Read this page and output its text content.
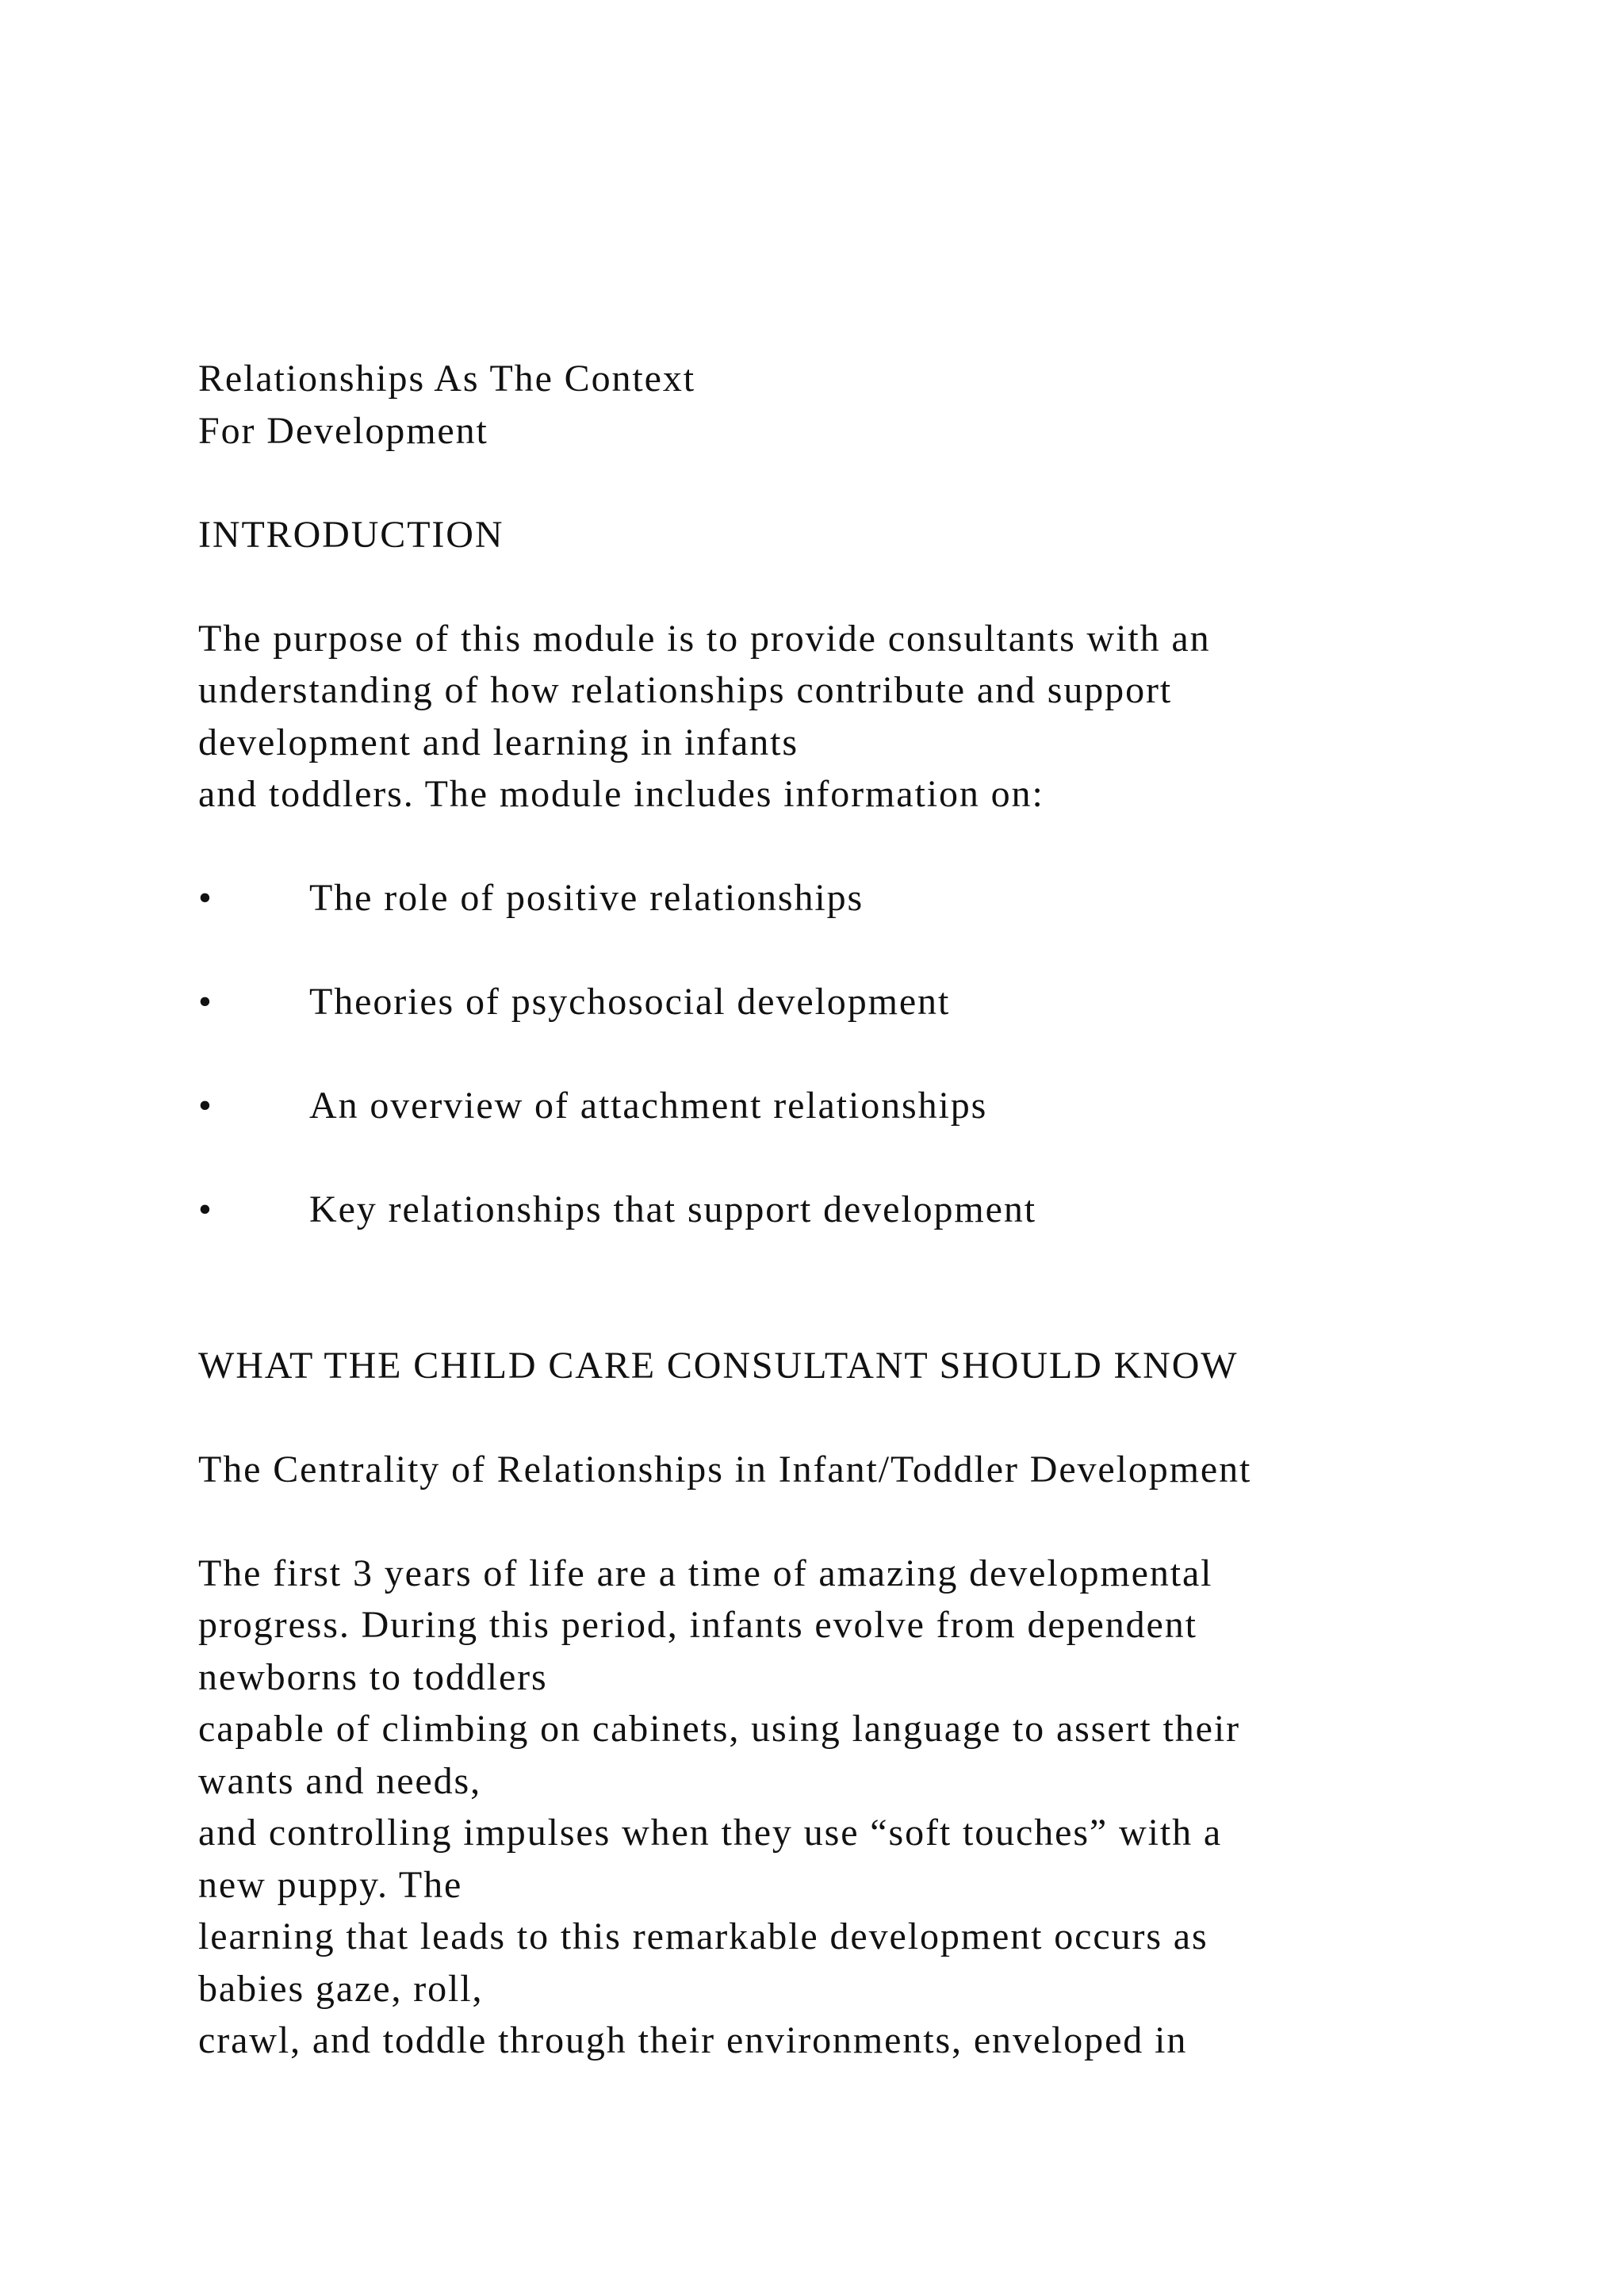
Relationships As The Context
For Development
INTRODUCTION
The purpose of this module is to provide consultants with an
understanding of how relationships contribute and support
development and learning in infants
and toddlers. The module includes information on:
•	The role of positive relationships
•	Theories of psychosocial development
•	An overview of attachment relationships
•	Key relationships that support development
WHAT THE CHILD CARE CONSULTANT SHOULD KNOW
The Centrality of Relationships in Infant/Toddler Development
The first 3 years of life are a time of amazing developmental
progress. During this period, infants evolve from dependent
newborns to toddlers
capable of climbing on cabinets, using language to assert their
wants and needs,
and controlling impulses when they use “soft touches” with a
new puppy. The
learning that leads to this remarkable development occurs as
babies gaze, roll,
crawl, and toddle through their environments, enveloped in
